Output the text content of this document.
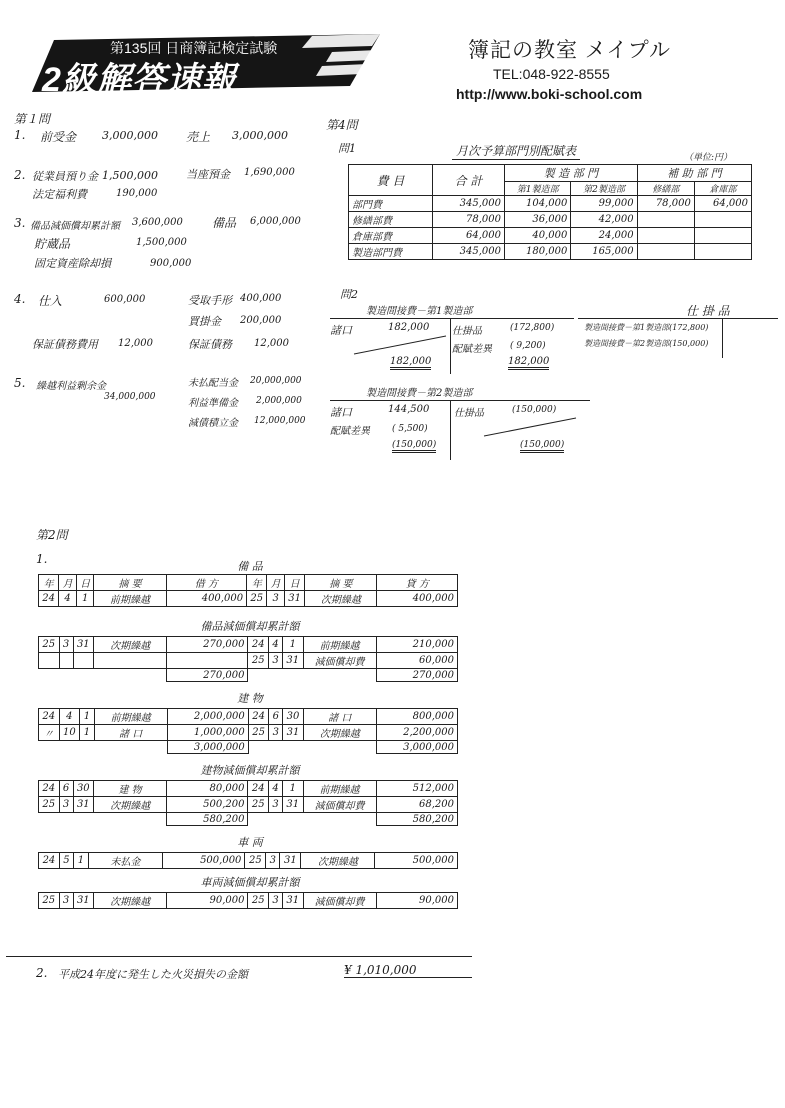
第135回 日商簿記検定試験
2級解答速報
簿記の教室 メイプル
TEL:048-922-8555
http://www.boki-school.com
第１問
1. 前受金 3,000,000 売上 3,000,000
2. 従業員預り金 1,500,000
法定福利費	190,000
当座預金 1,690,000
3. 備品減価償却累計額 3,600,000
貯蔵品	1,500,000
固定資産除却損	900,000
備品 6,000,000
4. 仕入	600,000
保証債務費用 12,000
受取手形 400,000
買掛金 200,000
保証債務 12,000
5. 繰越利益剰余金
34,000,000
未払配当金 20,000,000
利益準備金 2,000,000
減債積立金 12,000,000
第4問
問1	月次予算部門別配賦表	（単位:円）
費 目	合 計	製 造 部 門		補 助 部 門	
		第1製造部	第2製造部	修繕部	倉庫部
部門費	345,000	104,000	99,000	78,000	64,000
修繕部費	78,000	36,000	42,000		
倉庫部費	64,000	40,000	24,000		
製造部門費	345,000	180,000	165,000		
問2
製造間接費－第1製造部
諸口	182,000 仕掛品	(172,800)
配賦差異 ( 9,200)
182,000	182,000
仕 掛 品
製造間接費－第1製造部(172,800)
製造間接費－第2製造部(150,000)
製造間接費－第2製造部
諸口	144,500 仕掛品	(150,000)
配賦差異 ( 5,500)
(150,000)	(150,000)
第2問
1.
備 品
年	月	日	摘 要	借 方	年	月	日	摘 要	貸 方
24	4	1	前期繰越	400,000	25	3	31	次期繰越	400,000
備品減価償却累計額
25	3	31	次期繰越	270,000	24	4	1	前期繰越	210,000
					25	3	31	減価償却費	60,000
				270,000					270,000
建 物
24	4	1	前期繰越	2,000,000	24	6	30	諸 口	800,000
〃	10	1	諸 口	1,000,000	25	3	31	次期繰越	2,200,000
				3,000,000					3,000,000
建物減価償却累計額
24	6	30	建 物	80,000	24	4	1	前期繰越	512,000
25	3	31	次期繰越	500,200	25	3	31	減価償却費	68,200
				580,200					580,200
車 両
24	5	1	未払金	500,000	25	3	31	次期繰越	500,000
車両減価償却累計額
25	3	31	次期繰越	90,000	25	3	31	減価償却費	90,000
2. 平成24年度に発生した火災損失の金額	¥ 1,010,000
